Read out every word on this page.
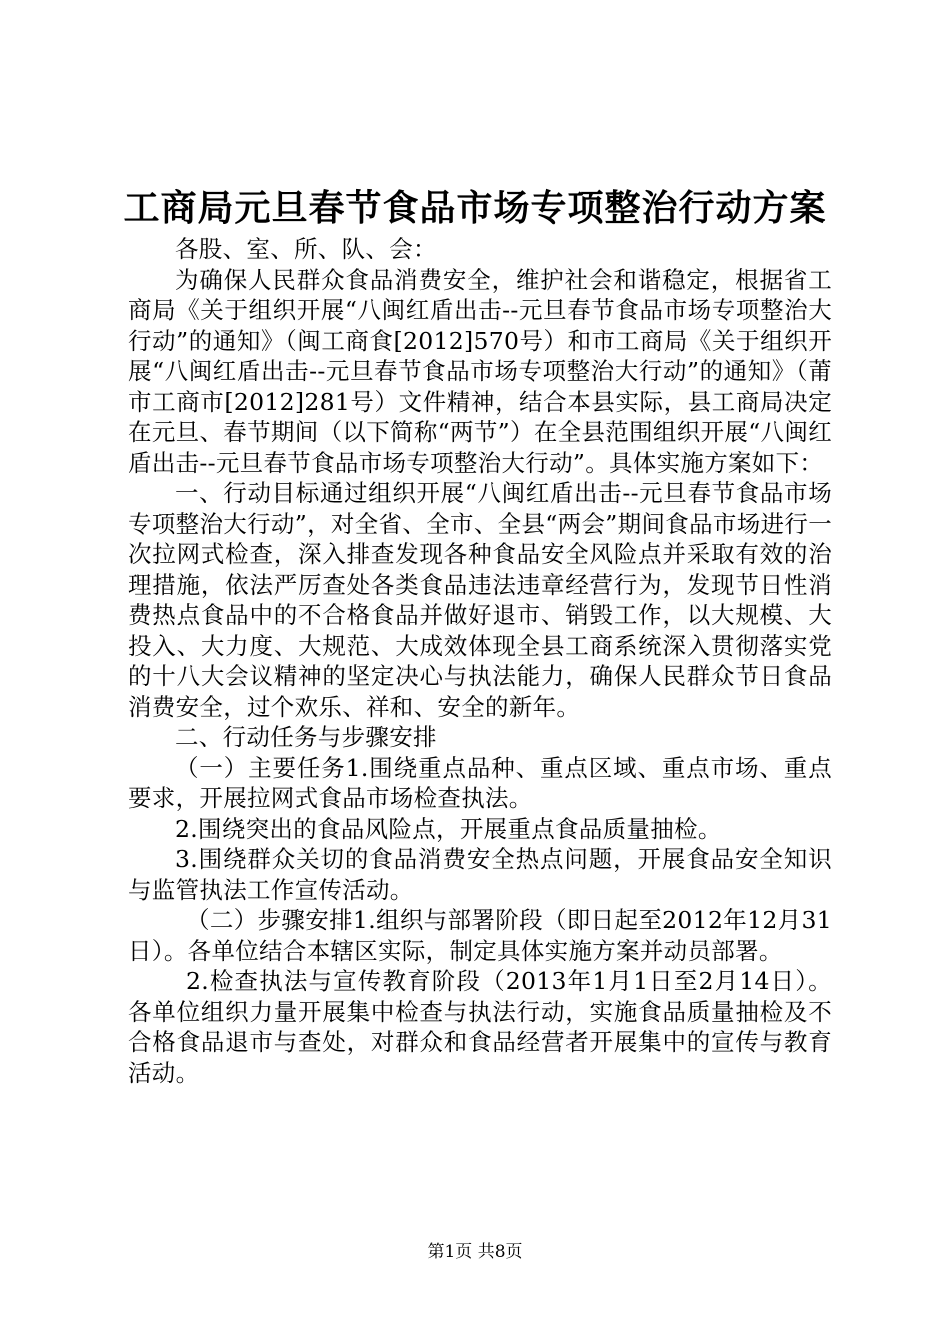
工商局元旦春节食品市场专项整治行动方案

各股、室、所、队、会：

为确保人民群众食品消费安全，维护社会和谐稳定，根据省工商局《关于组织开展“八闽红盾出击--元旦春节食品市场专项整治大行动”的通知》（闽工商食[2012]570号）和市工商局《关于组织开展“八闽红盾出击--元旦春节食品市场专项整治大行动”的通知》（莆市工商市[2012]281号）文件精神，结合本县实际，县工商局决定在元旦、春节期间（以下简称“两节”）在全县范围组织开展“八闽红盾出击--元旦春节食品市场专项整治大行动”。具体实施方案如下：

一、行动目标通过组织开展“八闽红盾出击--元旦春节食品市场专项整治大行动”，对全省、全市、全县“两会”期间食品市场进行一次拉网式检查，深入排查发现各种食品安全风险点并采取有效的治理措施，依法严厉查处各类食品违法违章经营行为，发现节日性消费热点食品中的不合格食品并做好退市、销毁工作，以大规模、大投入、大力度、大规范、大成效体现全县工商系统深入贯彻落实党的十八大会议精神的坚定决心与执法能力，确保人民群众节日食品消费安全，过个欢乐、祥和、安全的新年。

二、行动任务与步骤安排

（一）主要任务1.围绕重点品种、重点区域、重点市场、重点要求，开展拉网式食品市场检查执法。

2.围绕突出的食品风险点，开展重点食品质量抽检。

3.围绕群众关切的食品消费安全热点问题，开展食品安全知识与监管执法工作宣传活动。

（二）步骤安排1.组织与部署阶段（即日起至2012年12月31日）。各单位结合本辖区实际，制定具体实施方案并动员部署。

2.检查执法与宣传教育阶段（2013年1月1日至2月14日）。各单位组织力量开展集中检查与执法行动，实施食品质量抽检及不合格食品退市与查处，对群众和食品经营者开展集中的宣传与教育活动。

第1页 共8页
